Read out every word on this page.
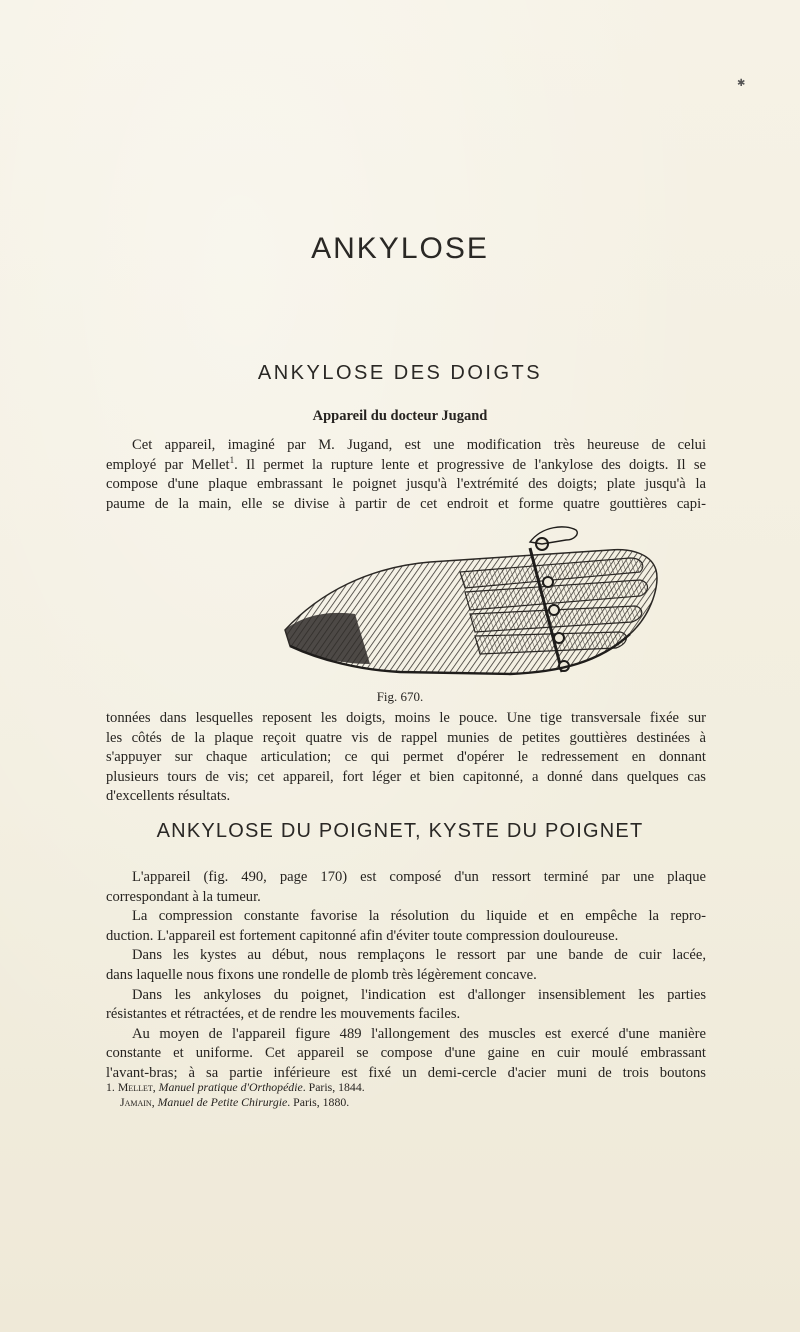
✱
ANKYLOSE
ANKYLOSE DES DOIGTS
Appareil du docteur Jugand
Cet appareil, imaginé par M. Jugand, est une modification très heureuse de celui
employé par Mellet$^1$. Il permet la rupture lente et progressive de l'ankylose des doigts. Il se
compose d'une plaque embrassant le poignet jusqu'à l'extrémité des doigts; plate jusqu'à la
paume de la main, elle se divise à partir de cet endroit et forme quatre gouttières capi-
Fig. 670.
tonnées dans lesquelles reposent les doigts, moins le pouce. Une tige transversale fixée sur
les côtés de la plaque reçoit quatre vis de rappel munies de petites gouttières destinées à
s'appuyer sur chaque articulation; ce qui permet d'opérer le redressement en donnant
plusieurs tours de vis; cet appareil, fort léger et bien capitonné, a donné dans quelques cas
d'excellents résultats.
ANKYLOSE DU POIGNET, KYSTE DU POIGNET
L'appareil (fig. 490, page 170) est composé d'un ressort terminé par une plaque
correspondant à la tumeur.
La compression constante favorise la résolution du liquide et en empêche la repro-
duction. L'appareil est fortement capitonné afin d'éviter toute compression douloureuse.
Dans les kystes au début, nous remplaçons le ressort par une bande de cuir lacée,
dans laquelle nous fixons une rondelle de plomb très légèrement concave.
Dans les ankyloses du poignet, l'indication est d'allonger insensiblement les parties
résistantes et rétractées, et de rendre les mouvements faciles.
Au moyen de l'appareil figure 489 l'allongement des muscles est exercé d'une manière
constante et uniforme. Cet appareil se compose d'une gaine en cuir moulé embrassant
l'avant-bras; à sa partie inférieure est fixé un demi-cercle d'acier muni de trois boutons
1. Mellet, Manuel pratique d'Orthopédie. Paris, 1844.
Jamain, Manuel de Petite Chirurgie. Paris, 1880.
